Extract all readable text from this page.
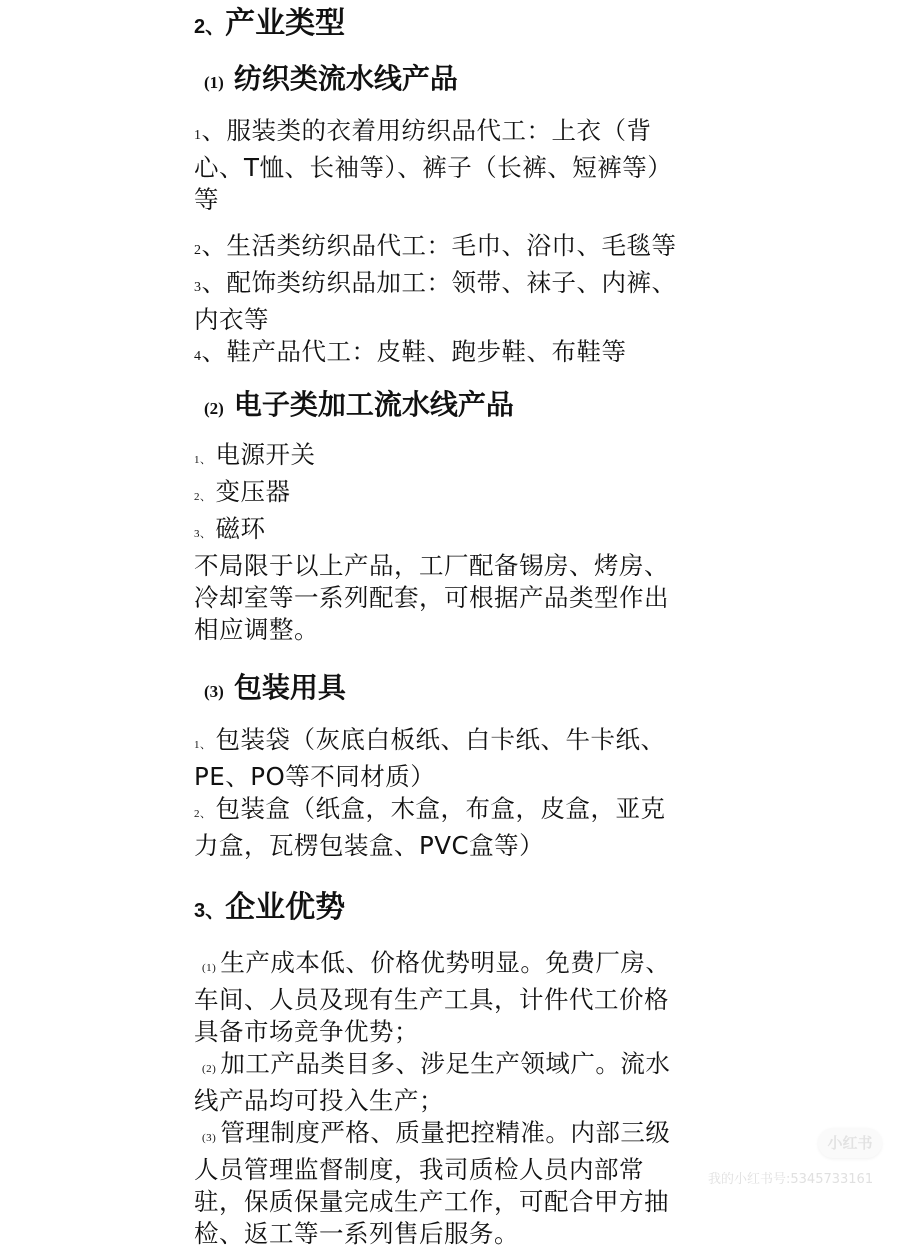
2、产业类型
(1) 纺织类流水线产品
1、服装类的衣着用纺织品代工：上衣（背
心、T恤、长袖等）、裤子（长裤、短裤等）
等
2、生活类纺织品代工：毛巾、浴巾、毛毯等
3、配饰类纺织品加工：领带、袜子、内裤、
内衣等
4、鞋产品代工：皮鞋、跑步鞋、布鞋等
(2) 电子类加工流水线产品
1、 电源开关
2、 变压器
3、 磁环
不局限于以上产品，工厂配备锡房、烤房、
冷却室等一系列配套，可根据产品类型作出
相应调整。
(3) 包装用具
1、 包装袋（灰底白板纸、白卡纸、牛卡纸、
PE、PO等不同材质）
2、 包装盒（纸盒，木盒，布盒，皮盒，亚克
力盒，瓦楞包装盒、PVC盒等）
3、企业优势
(1) 生产成本低、价格优势明显。免费厂房、
车间、人员及现有生产工具，计件代工价格
具备市场竞争优势；
(2) 加工产品类目多、涉足生产领域广。流水
线产品均可投入生产；
(3) 管理制度严格、质量把控精准。内部三级
人员管理监督制度，我司质检人员内部常
驻，保质保量完成生产工作，可配合甲方抽
检、返工等一系列售后服务。
小红书
我的小红书号:5345733161
